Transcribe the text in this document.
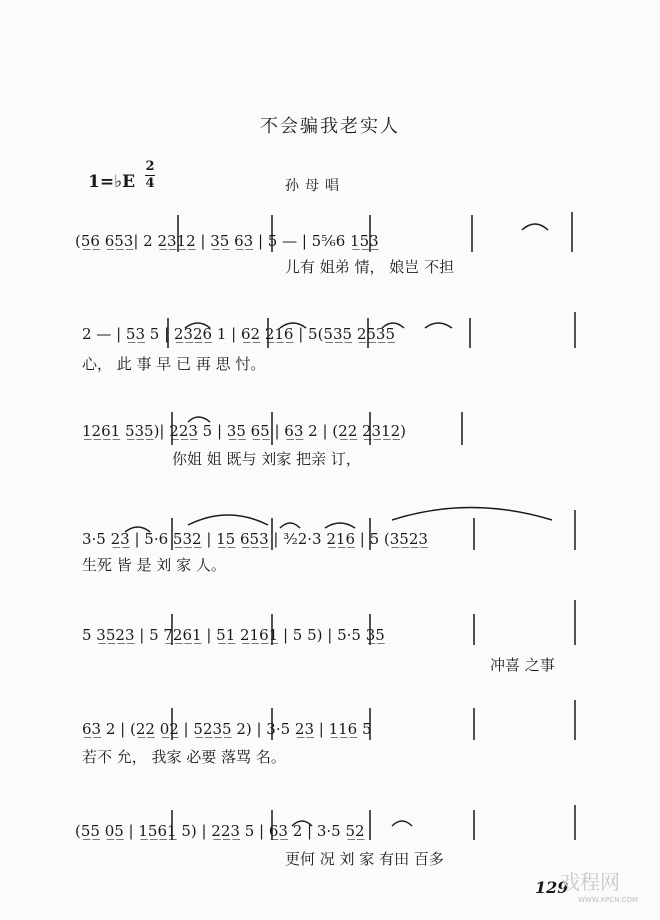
不会骗我老实人
1=♭E
2
4	孙母唱
(5̲6̲ 6̲5̲3̲| 2 2̲3̲1̲2̲ | 3̲5̲ 6̲3̲ | 5 — | 5⁵⁄₆6 1̲5̲3̲
儿有 姐弟 情， 娘岂 不担
2 — | 5̲3̲ 5 | 2̲3̲2̲6̲ 1 | 6̲2̲ 2̲1̲6̲ | 5(5̲3̲5̲ 2̲5̲3̲5̲
心， 此 事 早 已 再 思 忖。
1̲2̲6̲1̲ 5̲3̲5̲)| 2̲2̲3̲ 5 | 3̲5̲ 6̲5̲ | 6̲3̲ 2 | (2̲2̲ 2̲3̲1̲2̲)
你姐 姐 既与 刘家 把亲 订，
3·5 2̲3̲ | 5·6 5̲3̲2̲ | 1̲5̲ 6̲5̲3̲ | ³⁄₂2·3 2̲1̲6̲ | 5 (3̲5̲2̲3̲
生死 皆 是 刘 家 人。
5 3̲5̲2̲3̲ | 5 7̲2̲6̲1̲ | 5̲1̲ 2̲1̲6̲1̲ | 5 5) | 5·5 3̲5̲
冲喜 之事
6̲3̲ 2 | (2̲2̲ 0̲2̲ | 5̲2̲3̲5̲ 2) | 3·5 2̲3̲ | 1̲1̲6̲ 5
若不 允， 我家 必要 落骂 名。
(5̲5̲ 0̲5̲ | 1̲5̲6̲1̲ 5) | 2̲2̲3̲ 5 | 6̲3̲ 2 | 3·5 5̲2̲
更何 况 刘 家 有田 百多
129
戏程网
WWW.XPCN.COM
